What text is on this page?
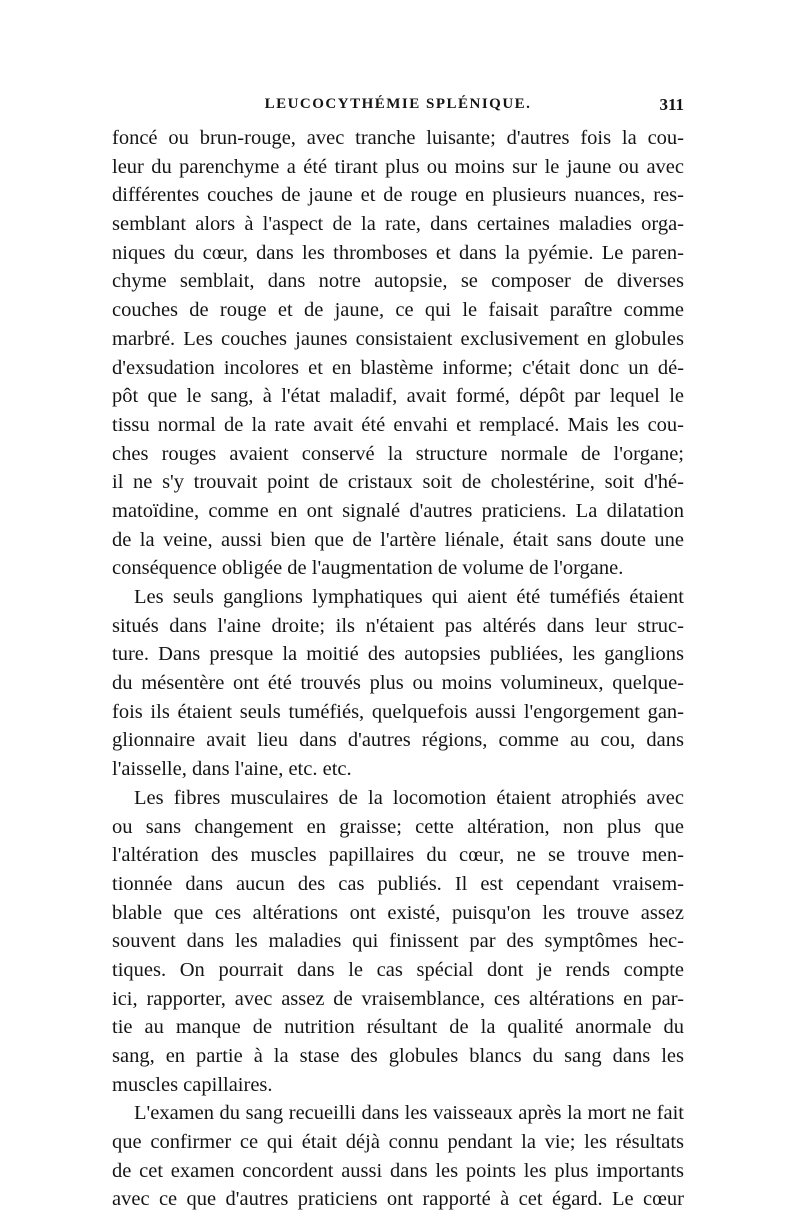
LEUCOCYTHÉMIE SPLÉNIQUE.	311
foncé ou brun-rouge, avec tranche luisante; d'autres fois la cou-
leur du parenchyme a été tirant plus ou moins sur le jaune ou avec
différentes couches de jaune et de rouge en plusieurs nuances, res-
semblant alors à l'aspect de la rate, dans certaines maladies orga-
niques du cœur, dans les thromboses et dans la pyémie. Le paren-
chyme semblait, dans notre autopsie, se composer de diverses
couches de rouge et de jaune, ce qui le faisait paraître comme
marbré. Les couches jaunes consistaient exclusivement en globules
d'exsudation incolores et en blastème informe; c'était donc un dé-
pôt que le sang, à l'état maladif, avait formé, dépôt par lequel le
tissu normal de la rate avait été envahi et remplacé. Mais les cou-
ches rouges avaient conservé la structure normale de l'organe;
il ne s'y trouvait point de cristaux soit de cholestérine, soit d'hé-
matoïdine, comme en ont signalé d'autres praticiens. La dilatation
de la veine, aussi bien que de l'artère liénale, était sans doute une
conséquence obligée de l'augmentation de volume de l'organe.
Les seuls ganglions lymphatiques qui aient été tuméfiés étaient
situés dans l'aine droite; ils n'étaient pas altérés dans leur struc-
ture. Dans presque la moitié des autopsies publiées, les ganglions
du mésentère ont été trouvés plus ou moins volumineux, quelque-
fois ils étaient seuls tuméfiés, quelquefois aussi l'engorgement gan-
glionnaire avait lieu dans d'autres régions, comme au cou, dans
l'aisselle, dans l'aine, etc. etc.
Les fibres musculaires de la locomotion étaient atrophiés avec
ou sans changement en graisse; cette altération, non plus que
l'altération des muscles papillaires du cœur, ne se trouve men-
tionnée dans aucun des cas publiés. Il est cependant vraisem-
blable que ces altérations ont existé, puisqu'on les trouve assez
souvent dans les maladies qui finissent par des symptômes hec-
tiques. On pourrait dans le cas spécial dont je rends compte
ici, rapporter, avec assez de vraisemblance, ces altérations en par-
tie au manque de nutrition résultant de la qualité anormale du
sang, en partie à la stase des globules blancs du sang dans les
muscles capillaires.
L'examen du sang recueilli dans les vaisseaux après la mort ne fait
que confirmer ce qui était déjà connu pendant la vie; les résultats
de cet examen concordent aussi dans les points les plus importants
avec ce que d'autres praticiens ont rapporté à cet égard. Le cœur
